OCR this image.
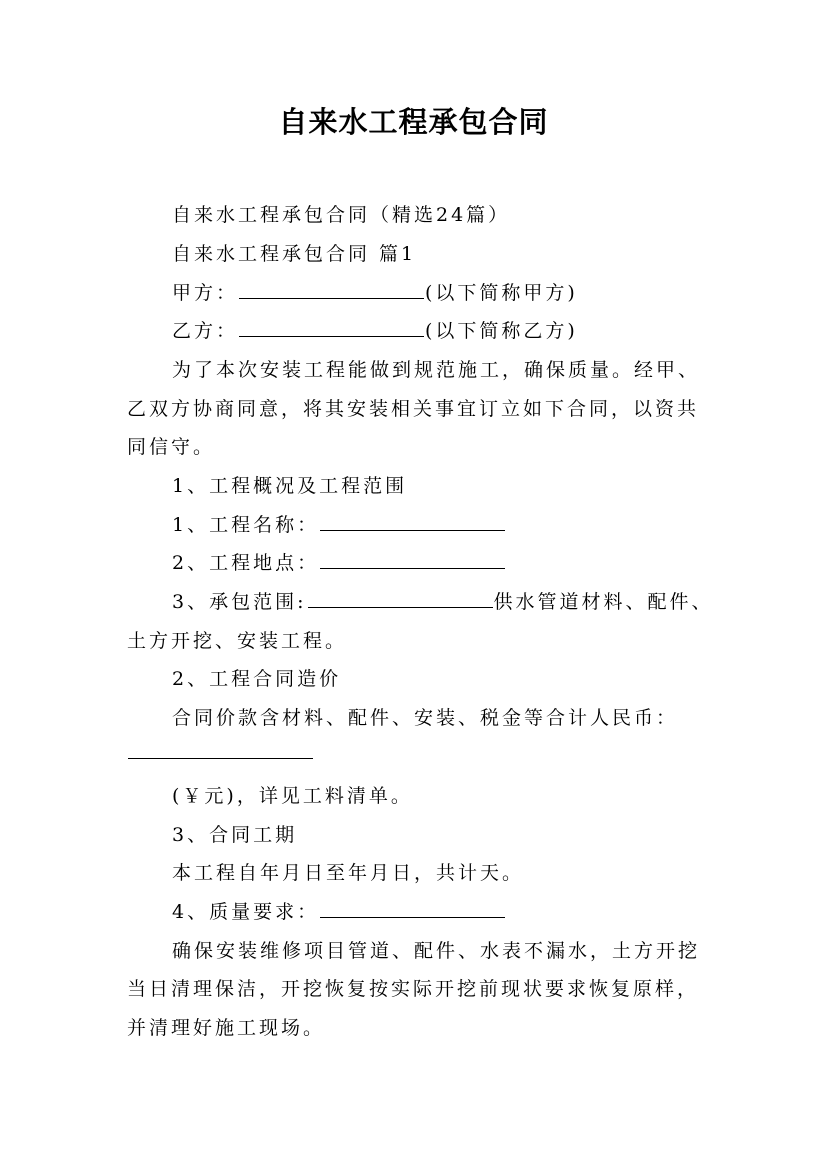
自来水工程承包合同
自来水工程承包合同（精选24篇）
自来水工程承包合同 篇1
甲方：	(以下简称甲方)
乙方：	(以下简称乙方)
为了本次安装工程能做到规范施工，确保质量。经甲、
乙双方协商同意，将其安装相关事宜订立如下合同，以资共
同信守。
1、工程概况及工程范围
1、工程名称：
2、工程地点：
3、承包范围:	供水管道材料、配件、
土方开挖、安装工程。
2、工程合同造价
合同价款含材料、配件、安装、税金等合计人民币：
(￥元)，详见工料清单。
3、合同工期
本工程自年月日至年月日，共计天。
4、质量要求：
确保安装维修项目管道、配件、水表不漏水，土方开挖
当日清理保洁，开挖恢复按实际开挖前现状要求恢复原样，
并清理好施工现场。
